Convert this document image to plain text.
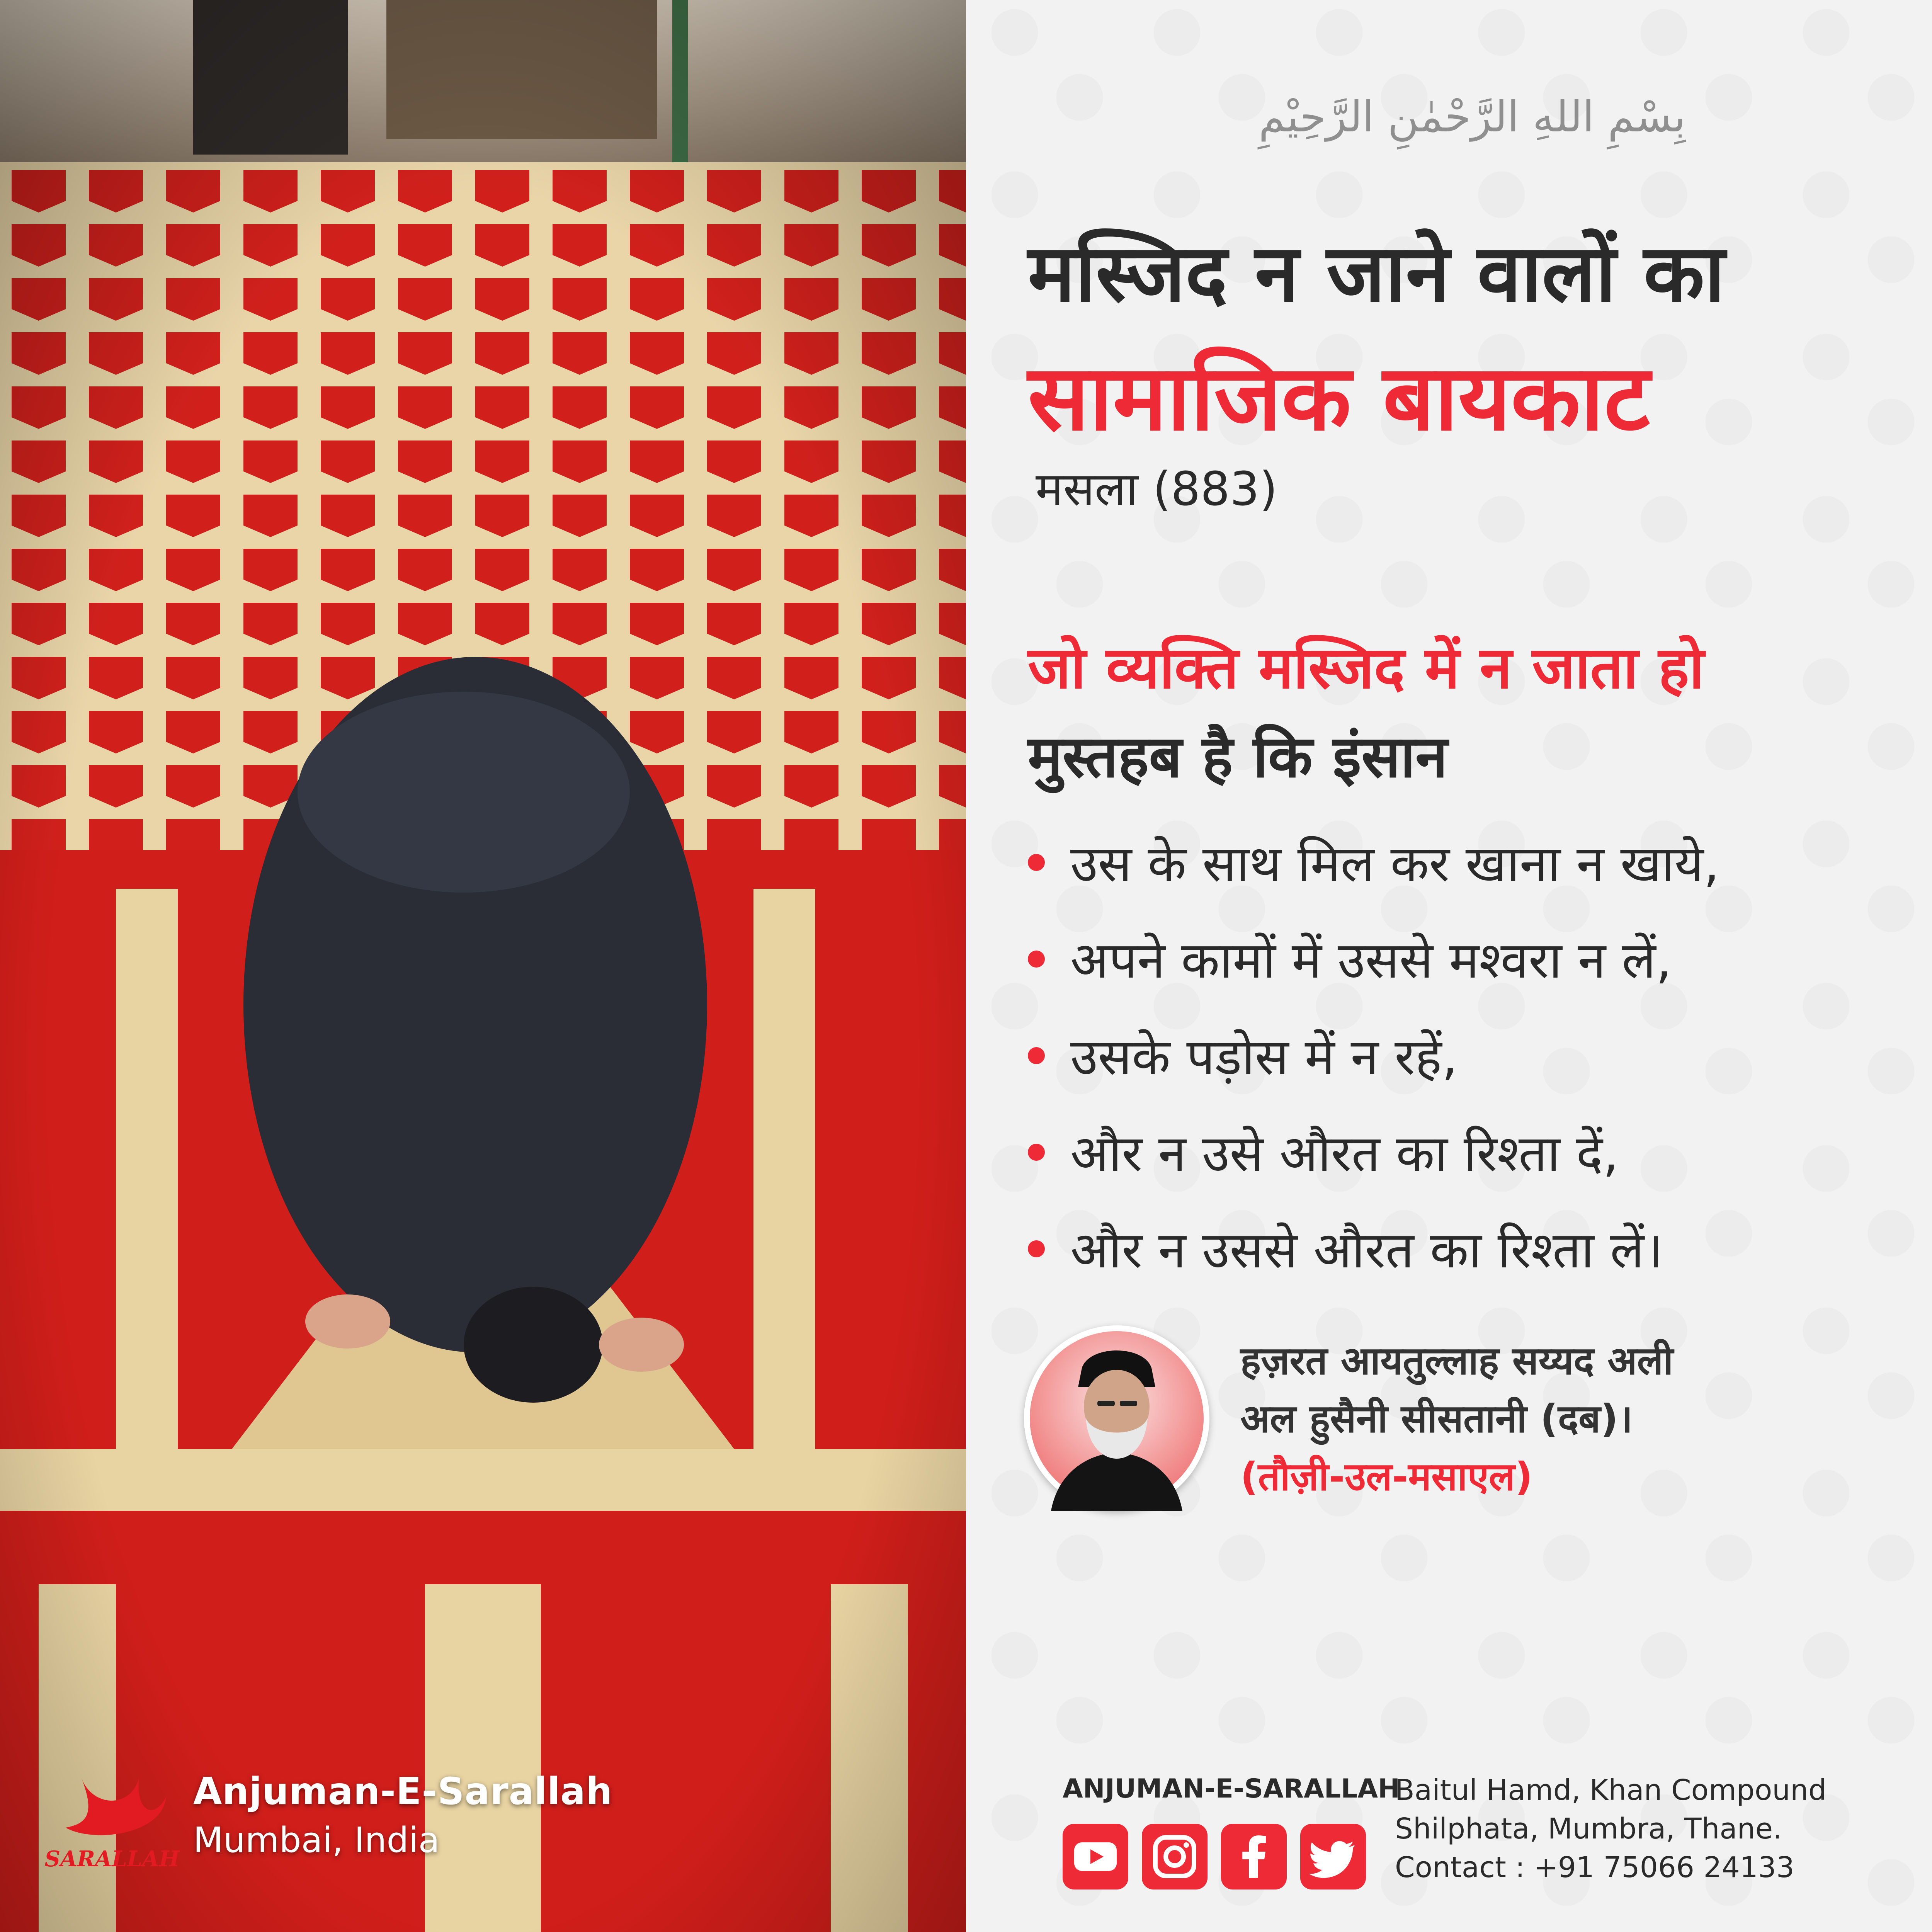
SARALLAH
Anjuman-E-Sarallah
Mumbai, India
بِسْمِ اللهِ الرَّحْمٰنِ الرَّحِيْمِ
मस्जिद न जाने वालों का
सामाजिक बायकाट
मसला (883)
जो व्यक्ति मस्जिद में न जाता हो
मुस्तहब है कि इंसान
उस के साथ मिल कर खाना न खाये,
अपने कामों में उससे मश्वरा न लें,
उसके पड़ोस में न रहें,
और न उसे औरत का रिश्ता दें,
और न उससे औरत का रिश्ता लें।
हज़रत आयतुल्लाह सय्यद अली
अल हुसैनी सीसतानी (दब)।
(तौज़ी-उल-मसाएल)
ANJUMAN-E-SARALLAH
Baitul Hamd, Khan Compound
Shilphata, Mumbra, Thane.
Contact : +91 75066 24133
